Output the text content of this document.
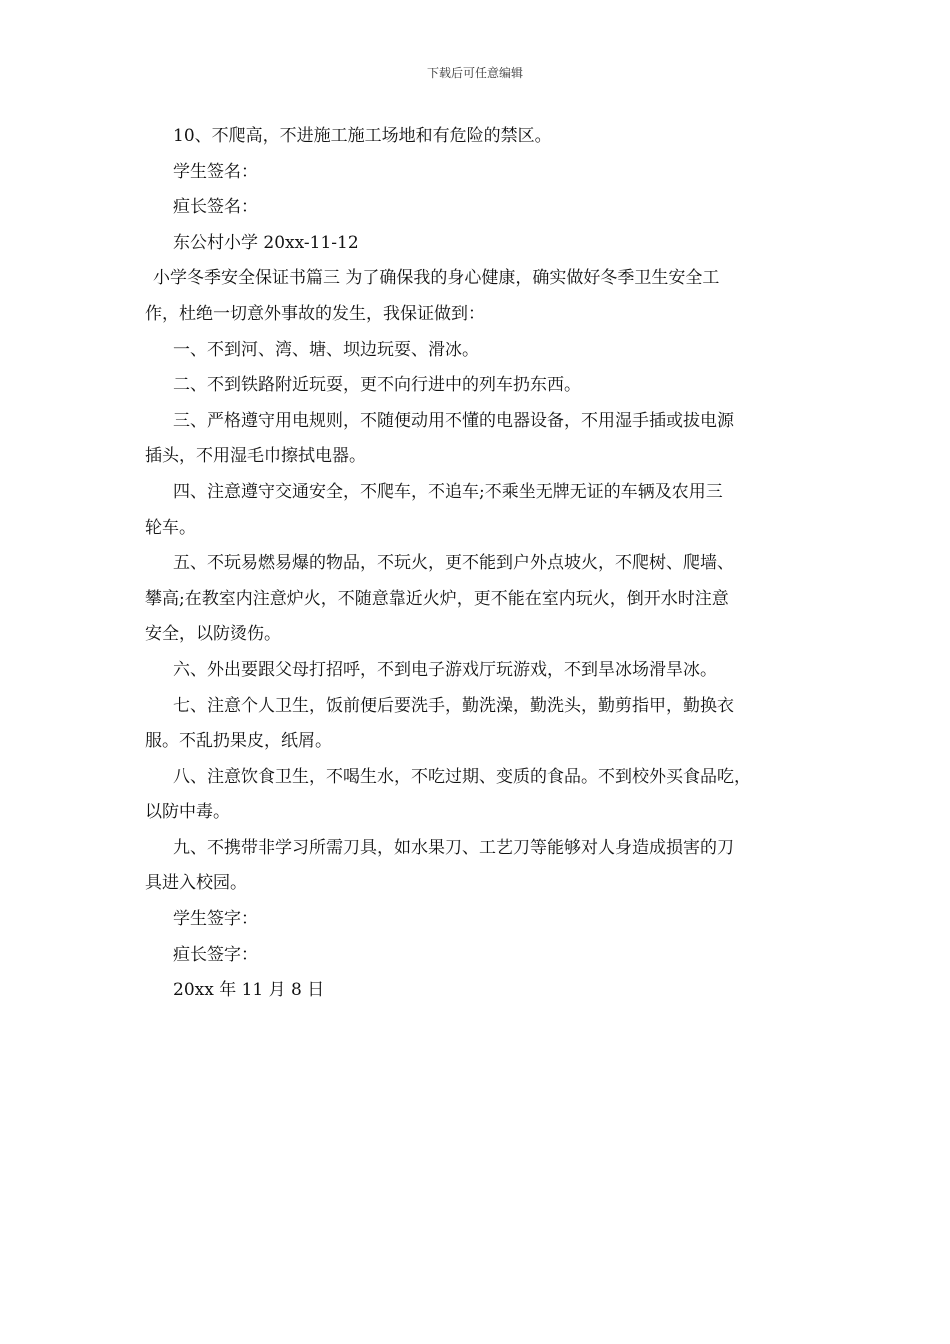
下载后可任意编辑

10、不爬高，不进施工施工场地和有危险的禁区。

学生签名：

疸长签名：

东公村小学 20xx-11-12

小学冬季安全保证书篇三 为了确保我的身心健康，确实做好冬季卫生安全工

作，杜绝一切意外事故的发生，我保证做到：

一、不到河、湾、塘、坝边玩耍、滑冰。

二、不到铁路附近玩耍，更不向行进中的列车扔东西。

三、严格遵守用电规则，不随便动用不懂的电器设备，不用湿手插或拔电源

插头，不用湿毛巾擦拭电器。

四、注意遵守交通安全，不爬车，不追车;不乘坐无牌无证的车辆及农用三

轮车。

五、不玩易燃易爆的物品，不玩火，更不能到户外点坡火，不爬树、爬墙、

攀高;在教室内注意炉火，不随意靠近火炉，更不能在室内玩火，倒开水时注意

安全，以防烫伤。

六、外出要跟父母打招呼，不到电子游戏厅玩游戏，不到旱冰场滑旱冰。

七、注意个人卫生，饭前便后要洗手，勤洗澡，勤洗头，勤剪指甲，勤换衣

服。不乱扔果皮，纸屑。

八、注意饮食卫生，不喝生水，不吃过期、变质的食品。不到校外买食品吃，

以防中毒。

九、不携带非学习所需刀具，如水果刀、工艺刀等能够对人身造成损害的刀

具进入校园。

学生签字：

疸长签字：

20xx 年 11 月 8 日
